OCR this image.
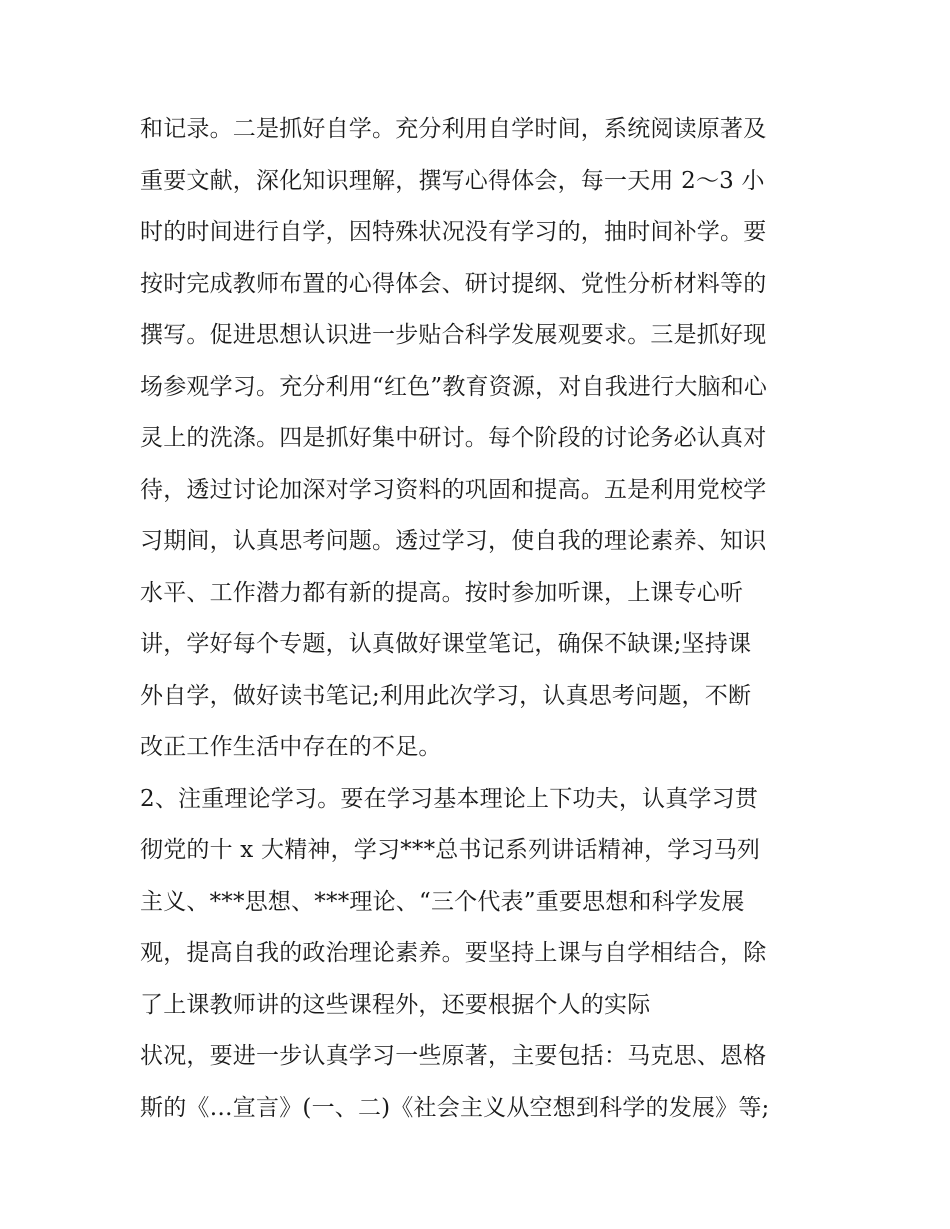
和记录。二是抓好自学。充分利用自学时间，系统阅读原著及
重要文献，深化知识理解，撰写心得体会，每一天用 2～3 小
时的时间进行自学，因特殊状况没有学习的，抽时间补学。要
按时完成教师布置的心得体会、研讨提纲、党性分析材料等的
撰写。促进思想认识进一步贴合科学发展观要求。三是抓好现
场参观学习。充分利用“红色”教育资源，对自我进行大脑和心
灵上的洗涤。四是抓好集中研讨。每个阶段的讨论务必认真对
待，透过讨论加深对学习资料的巩固和提高。五是利用党校学
习期间，认真思考问题。透过学习，使自我的理论素养、知识
水平、工作潜力都有新的提高。按时参加听课，上课专心听
讲，学好每个专题，认真做好课堂笔记，确保不缺课;坚持课
外自学，做好读书笔记;利用此次学习，认真思考问题，不断
改正工作生活中存在的不足。
2、注重理论学习。要在学习基本理论上下功夫，认真学习贯
彻党的十 x 大精神，学习***总书记系列讲话精神，学习马列
主义、***思想、***理论、“三个代表”重要思想和科学发展
观，提高自我的政治理论素养。要坚持上课与自学相结合，除
了上课教师讲的这些课程外，还要根据个人的实际
状况，要进一步认真学习一些原著，主要包括：马克思、恩格
斯的《…宣言》(一、二)《社会主义从空想到科学的发展》等;
